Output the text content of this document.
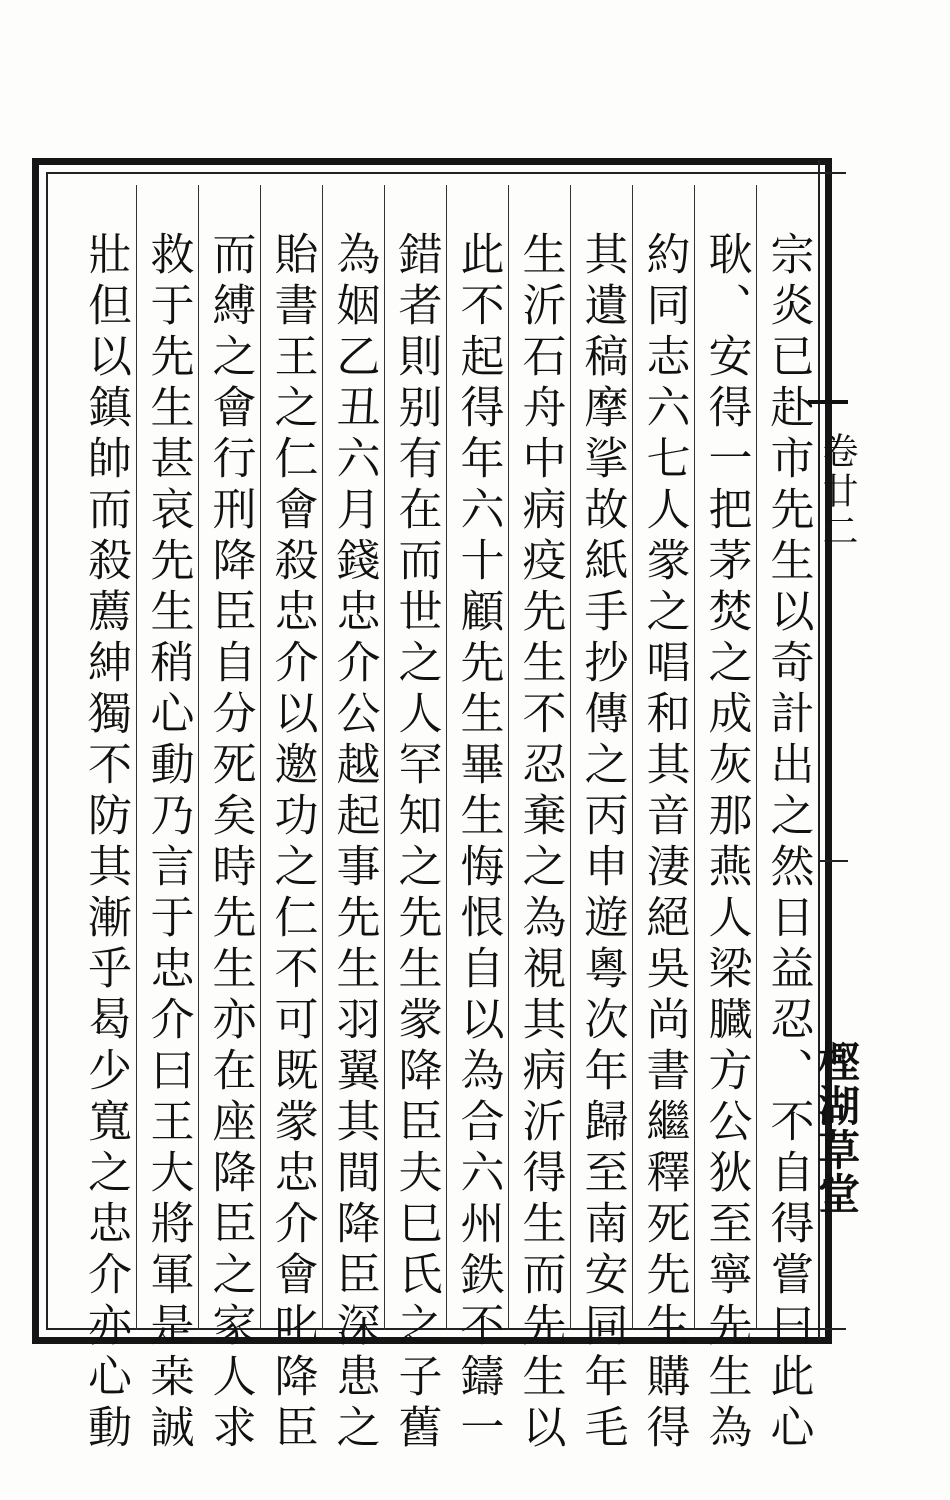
卷廿二
樫湖草堂
宗炎已赴市先生以奇計出之然日益忍、不自得嘗曰此心
耿、安得一把茅焚之成灰那燕人梁臓方公狄至寧先生為
約同志六七人䝉之唱和其音淒絕吳尚書繼釋死先生購得
其遺稿摩挲故紙手抄傳之丙申遊粵次年歸至南安同年毛
生沂石舟中病疫先生不忍棄之為視其病沂得生而先生以
此不起得年六十顧先生畢生悔恨自以為合六州鉄不鑄一
錯者則别有在而世之人罕知之先生䝉降臣夫巳氏之子舊
為姻乙丑六月錢忠介公越起事先生羽翼其間降臣深患之
貽書王之仁會殺忠介以邀功之仁不可既䝉忠介會叱降臣
而縛之會行刑降臣自分死矣時先生亦在座降臣之家人求
救于先生甚哀先生稍心動乃言于忠介曰王大將軍是桒誠
壯但以鎮帥而殺薦紳獨不防其漸乎曷少寬之忠介亦心動
